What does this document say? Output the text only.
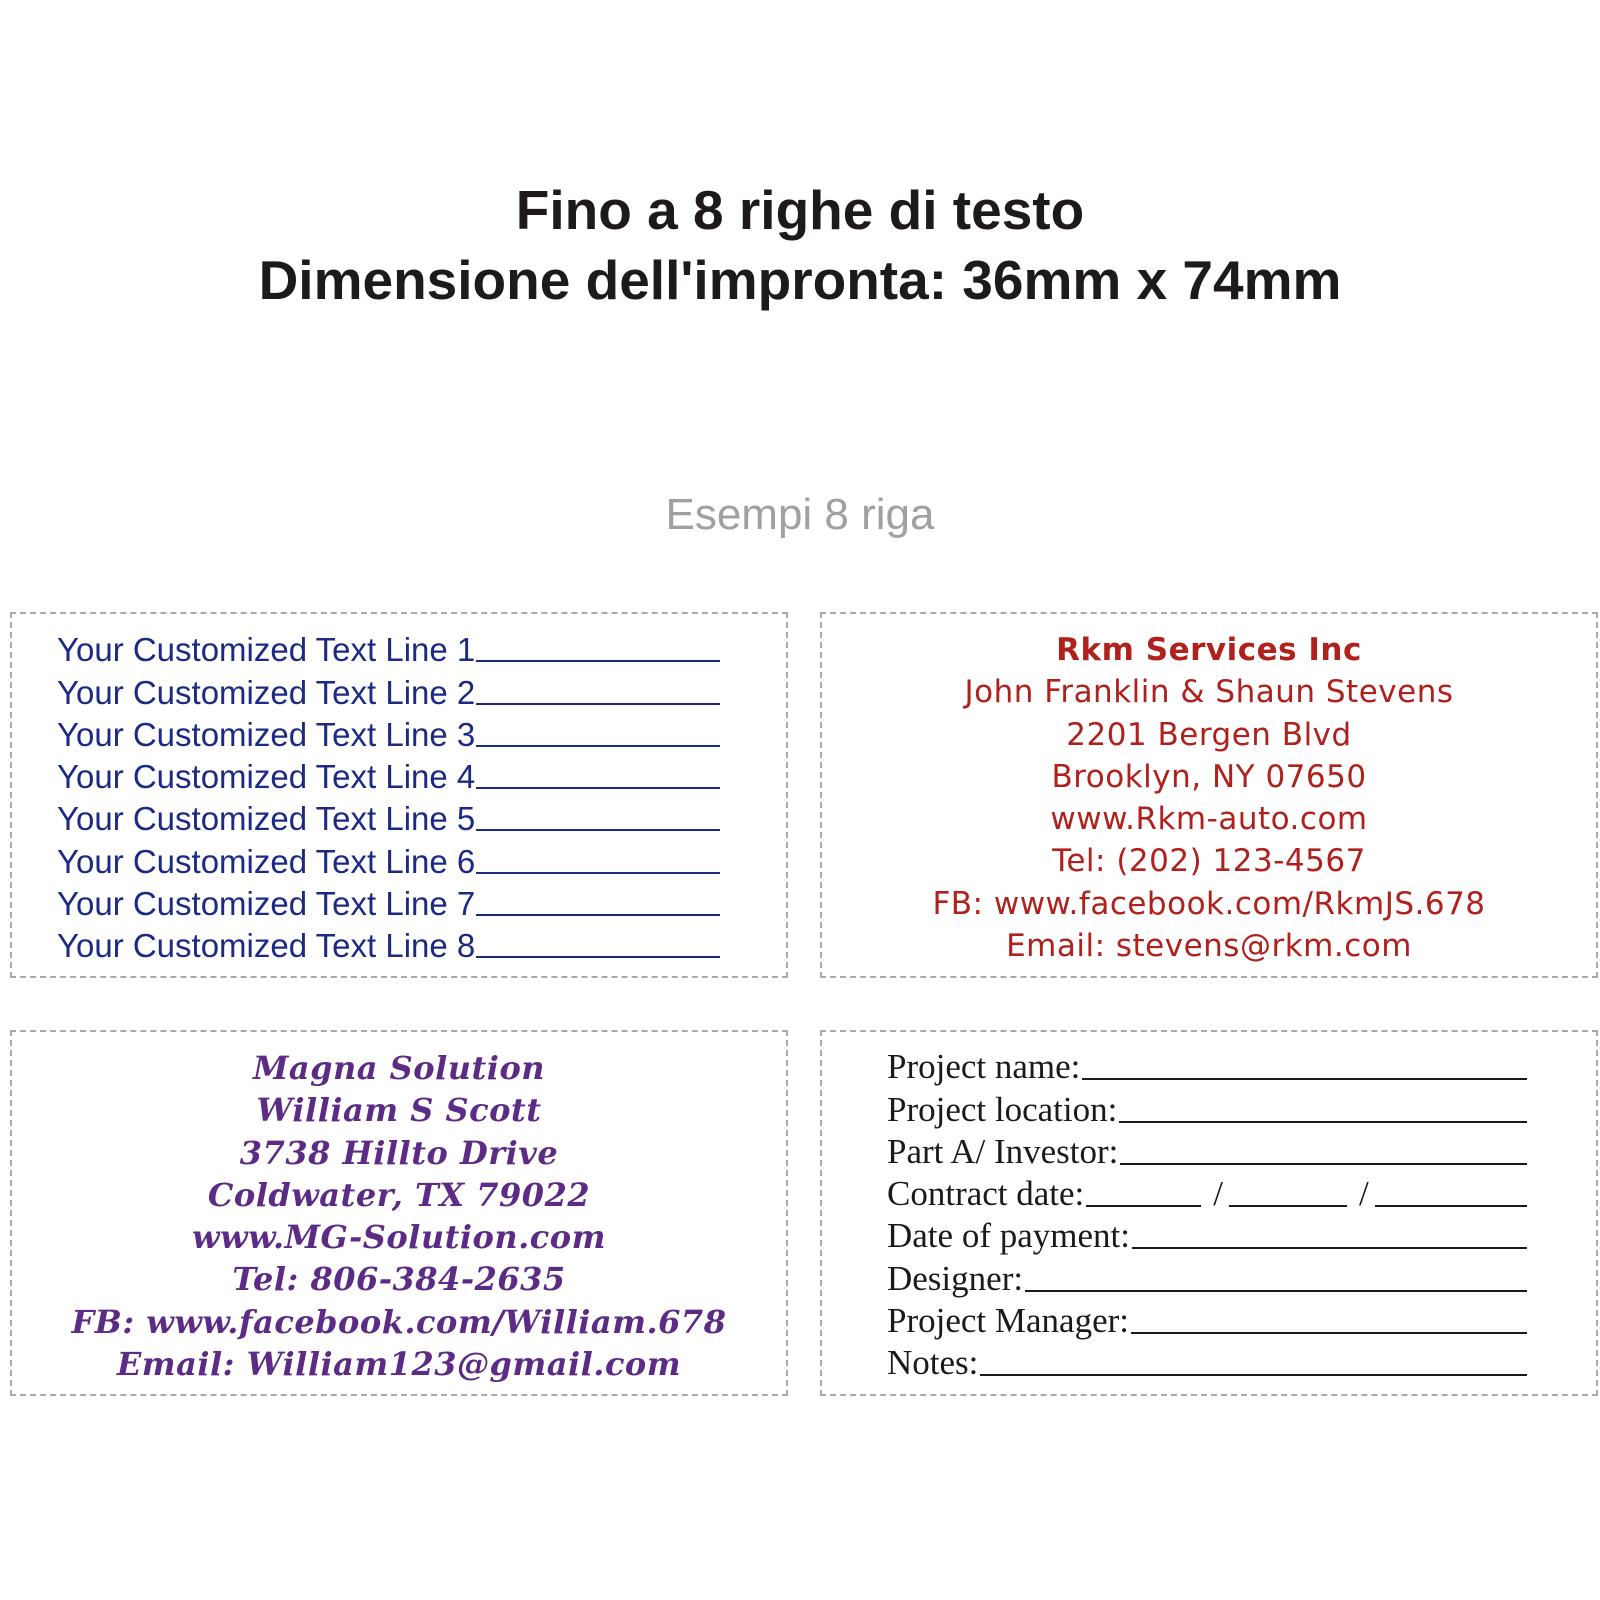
Fino a 8 righe di testo
Dimensione dell'impronta: 36mm x 74mm
Esempi 8 riga
Your Customized Text Line 1
Your Customized Text Line 2
Your Customized Text Line 3
Your Customized Text Line 4
Your Customized Text Line 5
Your Customized Text Line 6
Your Customized Text Line 7
Your Customized Text Line 8
Rkm Services Inc
John Franklin & Shaun Stevens
2201 Bergen Blvd
Brooklyn, NY 07650
www.Rkm-auto.com
Tel: (202) 123-4567
FB: www.facebook.com/RkmJS.678
Email: stevens@rkm.com
Magna Solution
William S Scott
3738 Hillto Drive
Coldwater, TX 79022
www.MG-Solution.com
Tel: 806-384-2635
FB: www.facebook.com/William.678
Email: William123@gmail.com
Project name:
Project location:
Part A/ Investor:
Contract date:	/	/
Date of payment:
Designer:
Project Manager:
Notes:
